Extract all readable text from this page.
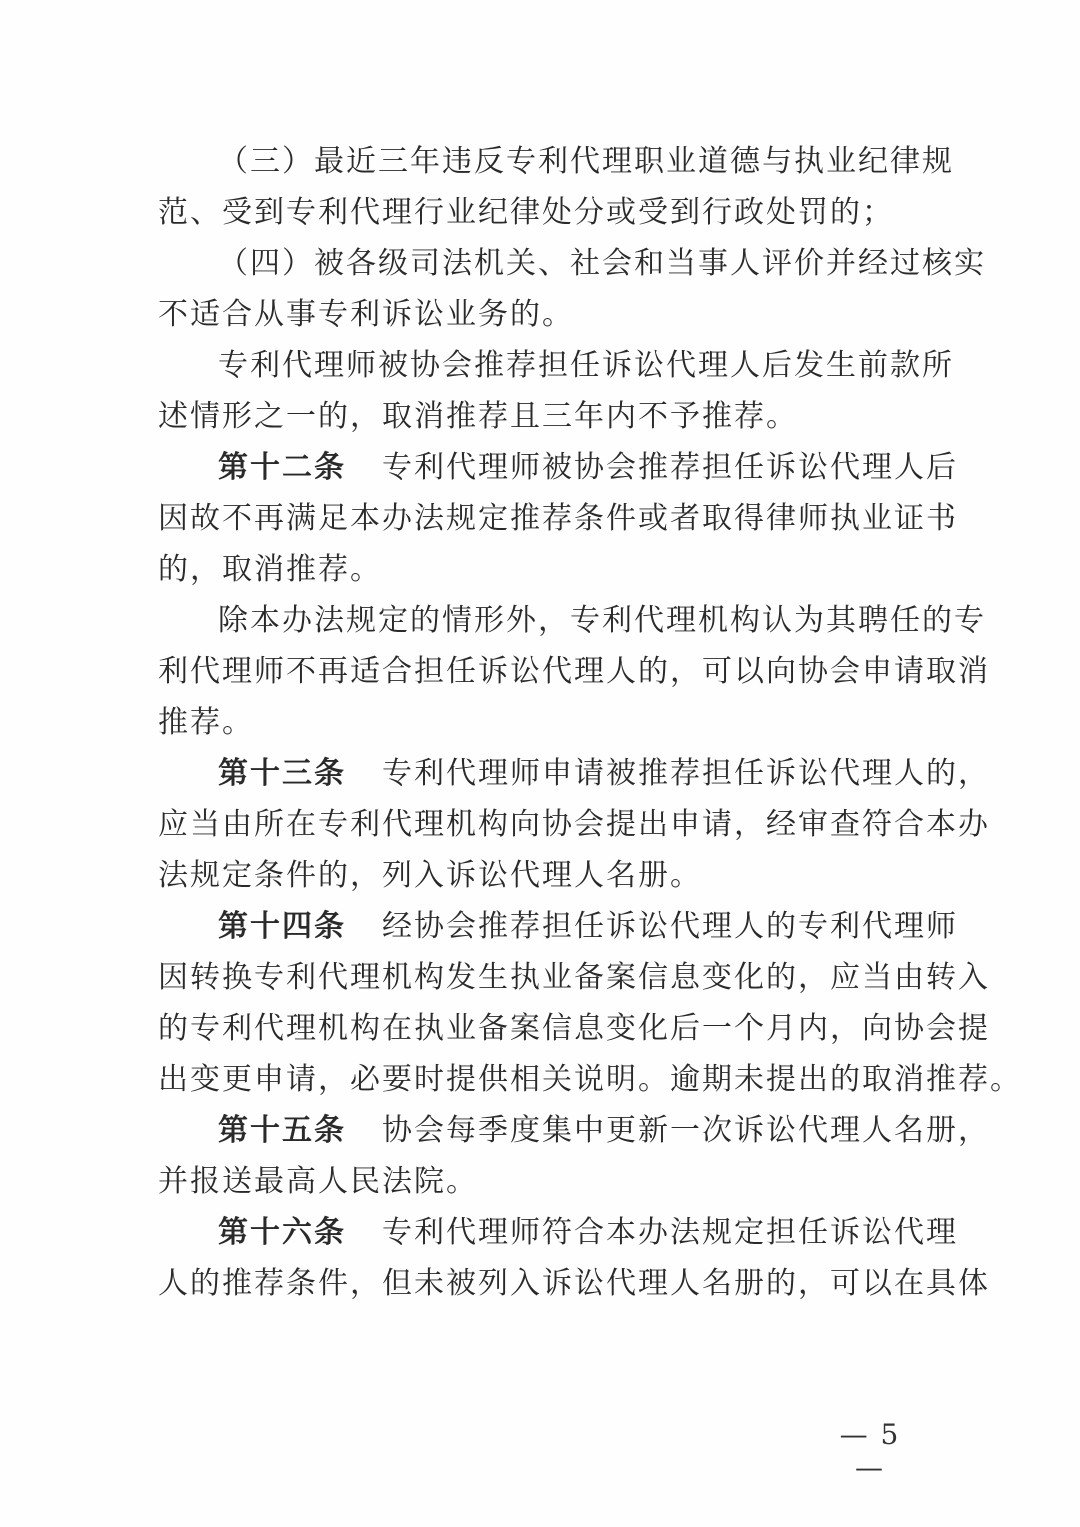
（三）最近三年违反专利代理职业道德与执业纪律规
范、受到专利代理行业纪律处分或受到行政处罚的；
（四）被各级司法机关、社会和当事人评价并经过核实
不适合从事专利诉讼业务的。
专利代理师被协会推荐担任诉讼代理人后发生前款所
述情形之一的，取消推荐且三年内不予推荐。
第十二条 专利代理师被协会推荐担任诉讼代理人后
因故不再满足本办法规定推荐条件或者取得律师执业证书
的，取消推荐。
除本办法规定的情形外，专利代理机构认为其聘任的专
利代理师不再适合担任诉讼代理人的，可以向协会申请取消
推荐。
第十三条 专利代理师申请被推荐担任诉讼代理人的，
应当由所在专利代理机构向协会提出申请，经审查符合本办
法规定条件的，列入诉讼代理人名册。
第十四条 经协会推荐担任诉讼代理人的专利代理师
因转换专利代理机构发生执业备案信息变化的，应当由转入
的专利代理机构在执业备案信息变化后一个月内，向协会提
出变更申请，必要时提供相关说明。逾期未提出的取消推荐。
第十五条 协会每季度集中更新一次诉讼代理人名册，
并报送最高人民法院。
第十六条 专利代理师符合本办法规定担任诉讼代理
人的推荐条件，但未被列入诉讼代理人名册的，可以在具体
— 5 —
